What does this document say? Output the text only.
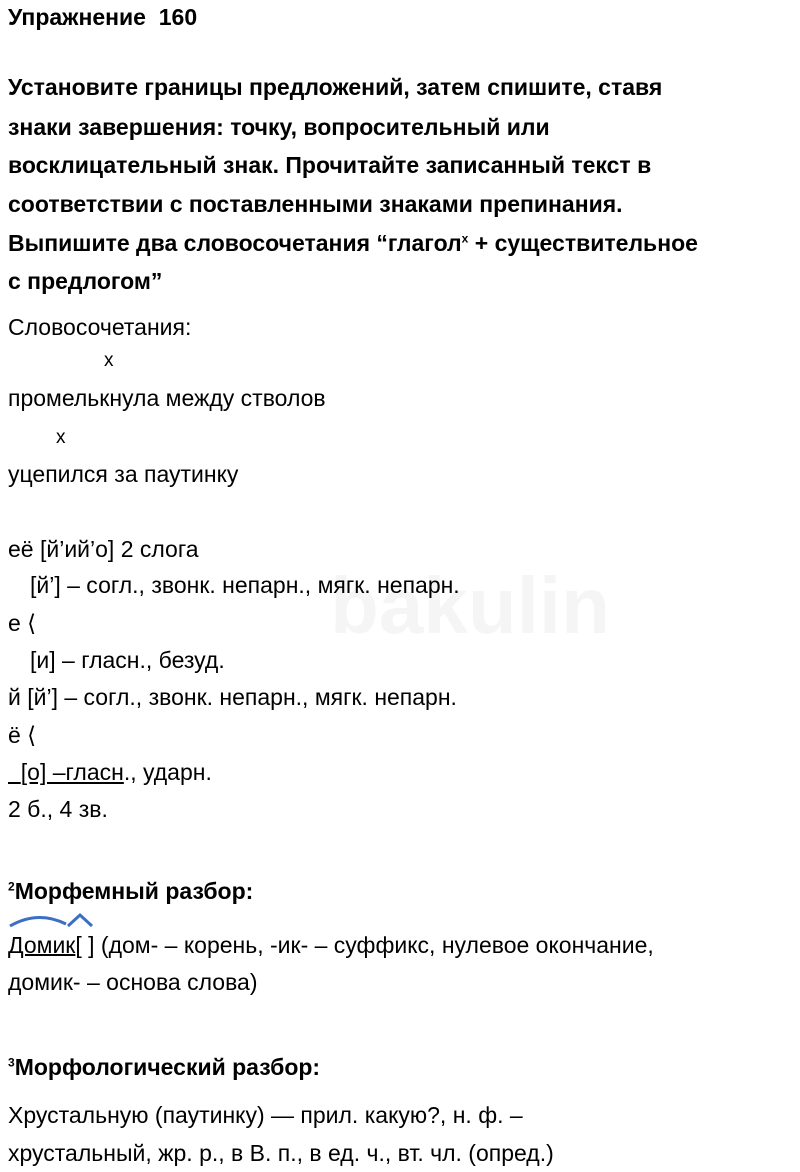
Упражнение  160
Установите границы предложений, затем спишите, ставя
знаки завершения: точку, вопросительный или
восклицательный знак. Прочитайте записанный текст в
соответствии с поставленными знаками препинания.
Выпишите два словосочетания “глагол$^x$ + существительное
с предлогом”
Словосочетания:
x
промелькнула между стволов
x
уцепился за паутинку
её [й’ий’о] 2 слога
[й’] – согл., звонк. непарн., мягк. непарн.
е ⟨
[и] – гласн., безуд.
й [й’] – согл., звонк. непарн., мягк. непарн.
ё ⟨
[о] –гласн., ударн.
2 б., 4 зв.
$^2$Морфемный разбор:
Домик[ ] (дом- – корень, -ик- – суффикс, нулевое окончание,
домик- – основа слова)
$^3$Морфологический разбор:
Хрустальную (паутинку) — прил. какую?, н. ф. –
хрустальный, жр. р., в В. п., в ед. ч., вт. чл. (опред.)
